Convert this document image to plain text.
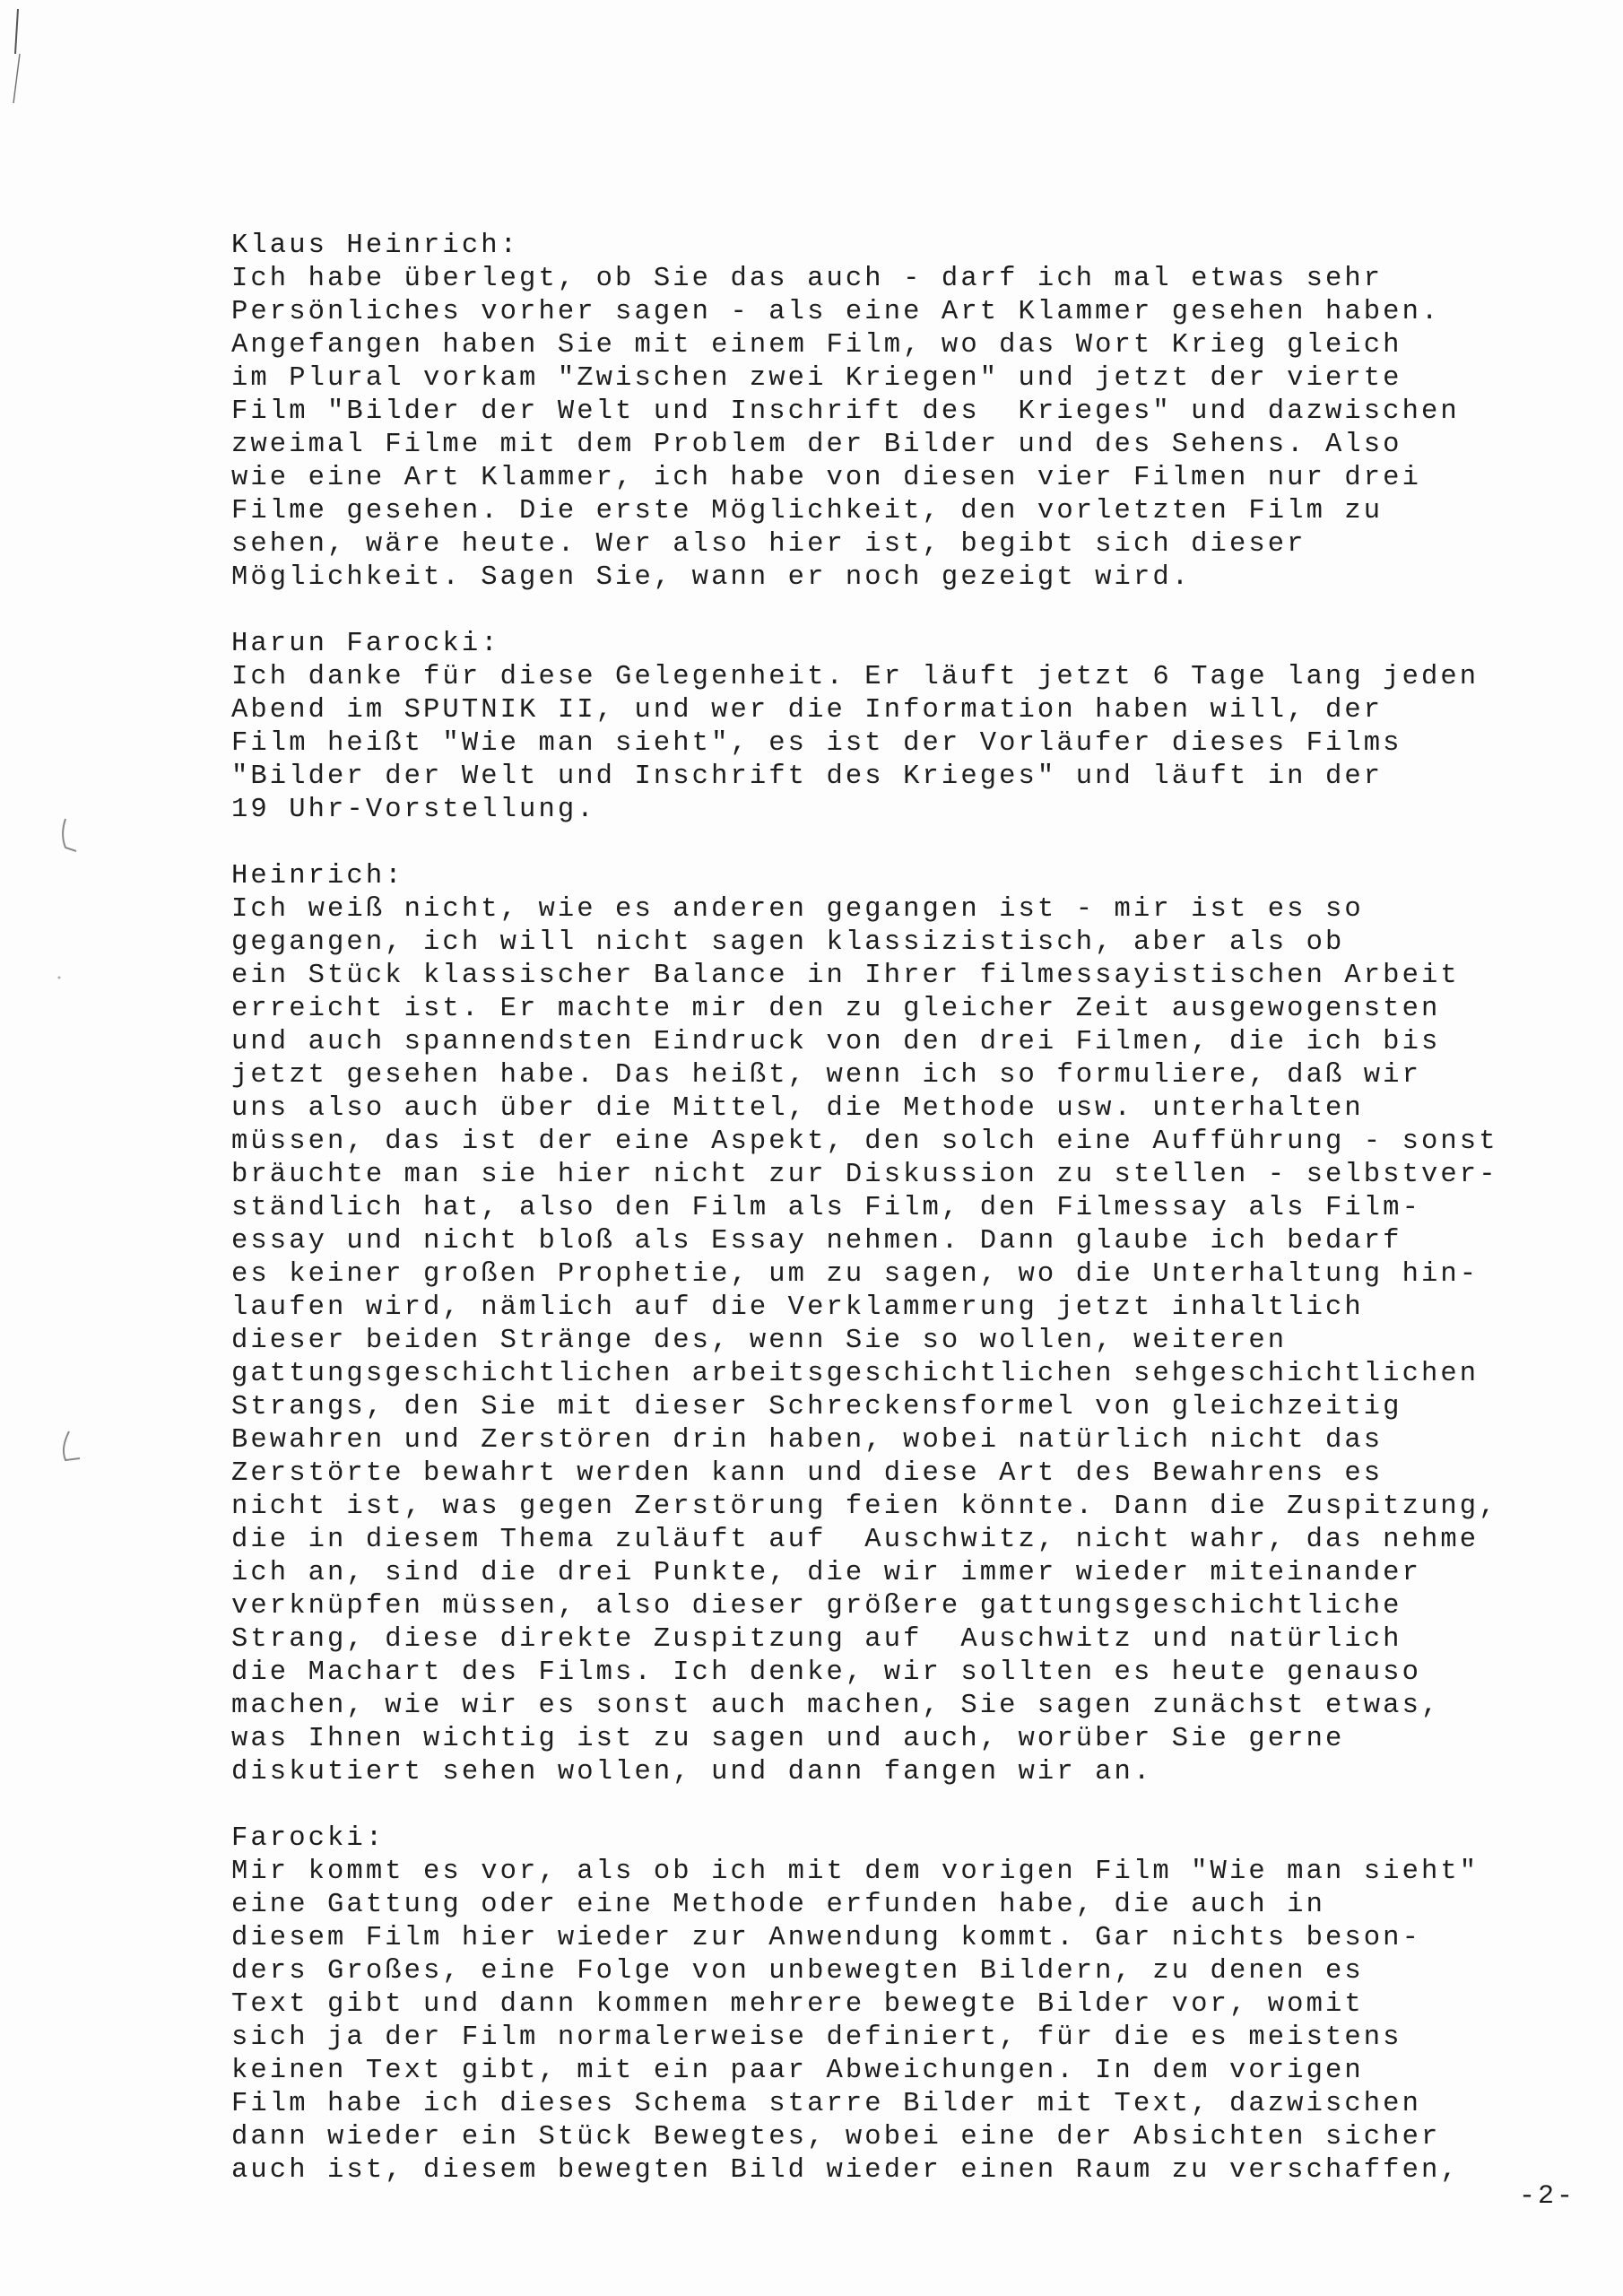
Klaus Heinrich:
Ich habe überlegt, ob Sie das auch - darf ich mal etwas sehr
Persönliches vorher sagen - als eine Art Klammer gesehen haben.
Angefangen haben Sie mit einem Film, wo das Wort Krieg gleich
im Plural vorkam "Zwischen zwei Kriegen" und jetzt der vierte
Film "Bilder der Welt und Inschrift des  Krieges" und dazwischen
zweimal Filme mit dem Problem der Bilder und des Sehens. Also
wie eine Art Klammer, ich habe von diesen vier Filmen nur drei
Filme gesehen. Die erste Möglichkeit, den vorletzten Film zu
sehen, wäre heute. Wer also hier ist, begibt sich dieser
Möglichkeit. Sagen Sie, wann er noch gezeigt wird.
Harun Farocki:
Ich danke für diese Gelegenheit. Er läuft jetzt 6 Tage lang jeden
Abend im SPUTNIK II, und wer die Information haben will, der
Film heißt "Wie man sieht", es ist der Vorläufer dieses Films
"Bilder der Welt und Inschrift des Krieges" und läuft in der
19 Uhr-Vorstellung.
Heinrich:
Ich weiß nicht, wie es anderen gegangen ist - mir ist es so
gegangen, ich will nicht sagen klassizistisch, aber als ob
ein Stück klassischer Balance in Ihrer filmessayistischen Arbeit
erreicht ist. Er machte mir den zu gleicher Zeit ausgewogensten
und auch spannendsten Eindruck von den drei Filmen, die ich bis
jetzt gesehen habe. Das heißt, wenn ich so formuliere, daß wir
uns also auch über die Mittel, die Methode usw. unterhalten
müssen, das ist der eine Aspekt, den solch eine Aufführung - sonst
bräuchte man sie hier nicht zur Diskussion zu stellen - selbstver-
ständlich hat, also den Film als Film, den Filmessay als Film-
essay und nicht bloß als Essay nehmen. Dann glaube ich bedarf
es keiner großen Prophetie, um zu sagen, wo die Unterhaltung hin-
laufen wird, nämlich auf die Verklammerung jetzt inhaltlich
dieser beiden Stränge des, wenn Sie so wollen, weiteren
gattungsgeschichtlichen arbeitsgeschichtlichen sehgeschichtlichen
Strangs, den Sie mit dieser Schreckensformel von gleichzeitig
Bewahren und Zerstören drin haben, wobei natürlich nicht das
Zerstörte bewahrt werden kann und diese Art des Bewahrens es
nicht ist, was gegen Zerstörung feien könnte. Dann die Zuspitzung,
die in diesem Thema zuläuft auf  Auschwitz, nicht wahr, das nehme
ich an, sind die drei Punkte, die wir immer wieder miteinander
verknüpfen müssen, also dieser größere gattungsgeschichtliche
Strang, diese direkte Zuspitzung auf  Auschwitz und natürlich
die Machart des Films. Ich denke, wir sollten es heute genauso
machen, wie wir es sonst auch machen, Sie sagen zunächst etwas,
was Ihnen wichtig ist zu sagen und auch, worüber Sie gerne
diskutiert sehen wollen, und dann fangen wir an.
Farocki:
Mir kommt es vor, als ob ich mit dem vorigen Film "Wie man sieht"
eine Gattung oder eine Methode erfunden habe, die auch in
diesem Film hier wieder zur Anwendung kommt. Gar nichts beson-
ders Großes, eine Folge von unbewegten Bildern, zu denen es
Text gibt und dann kommen mehrere bewegte Bilder vor, womit
sich ja der Film normalerweise definiert, für die es meistens
keinen Text gibt, mit ein paar Abweichungen. In dem vorigen
Film habe ich dieses Schema starre Bilder mit Text, dazwischen
dann wieder ein Stück Bewegtes, wobei eine der Absichten sicher
auch ist, diesem bewegten Bild wieder einen Raum zu verschaffen,
-2-
